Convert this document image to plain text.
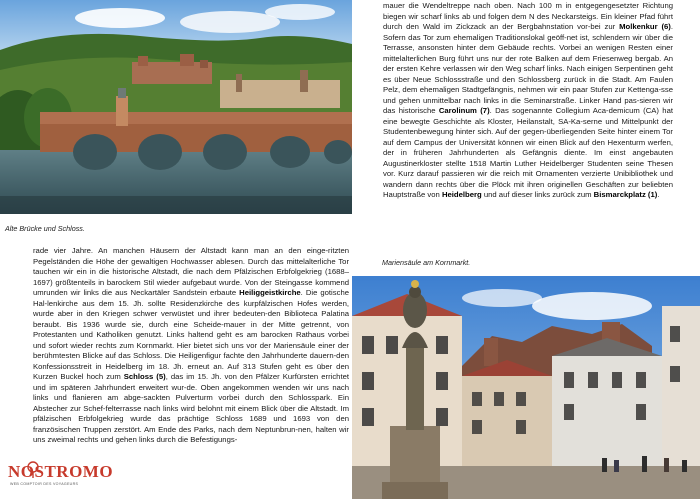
Alte Brücke und Schloss.

rade vier Jahre. An manchen Häusern der Altstadt kann man an den einge-ritzten Pegelständen die Höhe der gewaltigen Hochwasser ablesen. Durch das mittelalterliche Tor tauchen wir ein in die historische Altstadt, die nach dem Pfälzischen Erbfolgekrieg (1688–1697) größtenteils in barockem Stil wieder aufgebaut wurde. Von der Steingasse kommend umrunden wir links die aus Neckartäler Sandstein erbaute Heiliggeistkirche. Die gotische Hal-lenkirche aus dem 15. Jh. sollte Residenzkirche des kurpfälzischen Hofes werden, wurde aber in den Kriegen schwer verwüstet und ihrer bedeuten-den Biblioteca Palatina beraubt. Bis 1936 wurde sie, durch eine Scheide-mauer in der Mitte getrennt, von Protestanten und Katholiken genutzt. Links haltend geht es am barocken Rathaus vorbei und sofort wieder rechts zum Kornmarkt. Hier bietet sich uns vor der Mariensäule einer der berühmtesten Blicke auf das Schloss. Die Heiligenfigur fachte den Jahrhunderte dauern-den Konfessionsstreit in Heidelberg im 18. Jh. erneut an. Auf 313 Stufen geht es über den Kurzen Buckel hoch zum Schloss (5), das im 15. Jh. von den Pfälzer Kurfürsten errichtet und im späteren Jahrhundert erweitert wur-de. Oben angekommen wenden wir uns nach links und flanieren am abge-sackten Pulverturm vorbei durch den Schlosspark. Ein Abstecher zur Schef-felterrasse nach links wird belohnt mit einem Blick über die Altstadt. Im pfälzischen Erbfolgekrieg wurde das prächtige Schloss 1689 und 1693 von den französischen Truppen zerstört. Am Ende des Parks, nach dem Neptunbrun-nen, halten wir uns zweimal rechts und gehen links durch die Befestigungs-

mauer die Wendeltreppe nach oben. Nach 100 m in entgegengesetzter Richtung biegen wir scharf links ab und folgen dem N des Neckarsteigs. Ein kleiner Pfad führt durch den Wald im Zickzack an der Bergbahnstation vor-bei zur Molkenkur (6). Sofern das Tor zum ehemaligen Traditionslokal geöff-net ist, schlendern wir über die Terrasse, ansonsten hinter dem Gebäude rechts. Vorbei an wenigen Resten einer mittelalterlichen Burg führt uns nur der rote Balken auf dem Friesenweg bergab. An der ersten Kehre verlassen wir den Weg scharf links. Nach einigen Serpentinen geht es über Neue Schlossstraße und den Schlossberg zurück in die Stadt. Am Faulen Pelz, dem ehemaligen Stadtgefängnis, nehmen wir ein paar Stufen zur Kettenga-sse und gehen unmittelbar nach links in die Seminarstraße. Linker Hand pas-sieren wir das historische Carolinum (7). Das sogenannte Collegium Aca-demicum (CA) hat eine bewegte Geschichte als Kloster, Heilanstalt, SA-Ka-serne und Mittelpunkt der Studentenbewegung hinter sich. Auf der gegen-überliegenden Seite hinter einem Tor auf dem Campus der Universität können wir einen Blick auf den Hexenturm werfen, der in früheren Jahrhunderten als Gefängnis diente. Im einst angebauten Augustinerkloster stellte 1518 Martin Luther Heidelberger Studenten seine Thesen vor. Kurz darauf passieren wir die reich mit Ornamenten verzierte Unibibliothek und wandern dann rechts über die Plöck mit ihren originellen Geschäften zur beliebten Hauptstraße von Heidelberg und auf dieser links zurück zum Bismarckplatz (1).

Mariensäule am Kornmarkt.
NOSTROMO
WEB COMPTOIR DES VOYAGEURS
